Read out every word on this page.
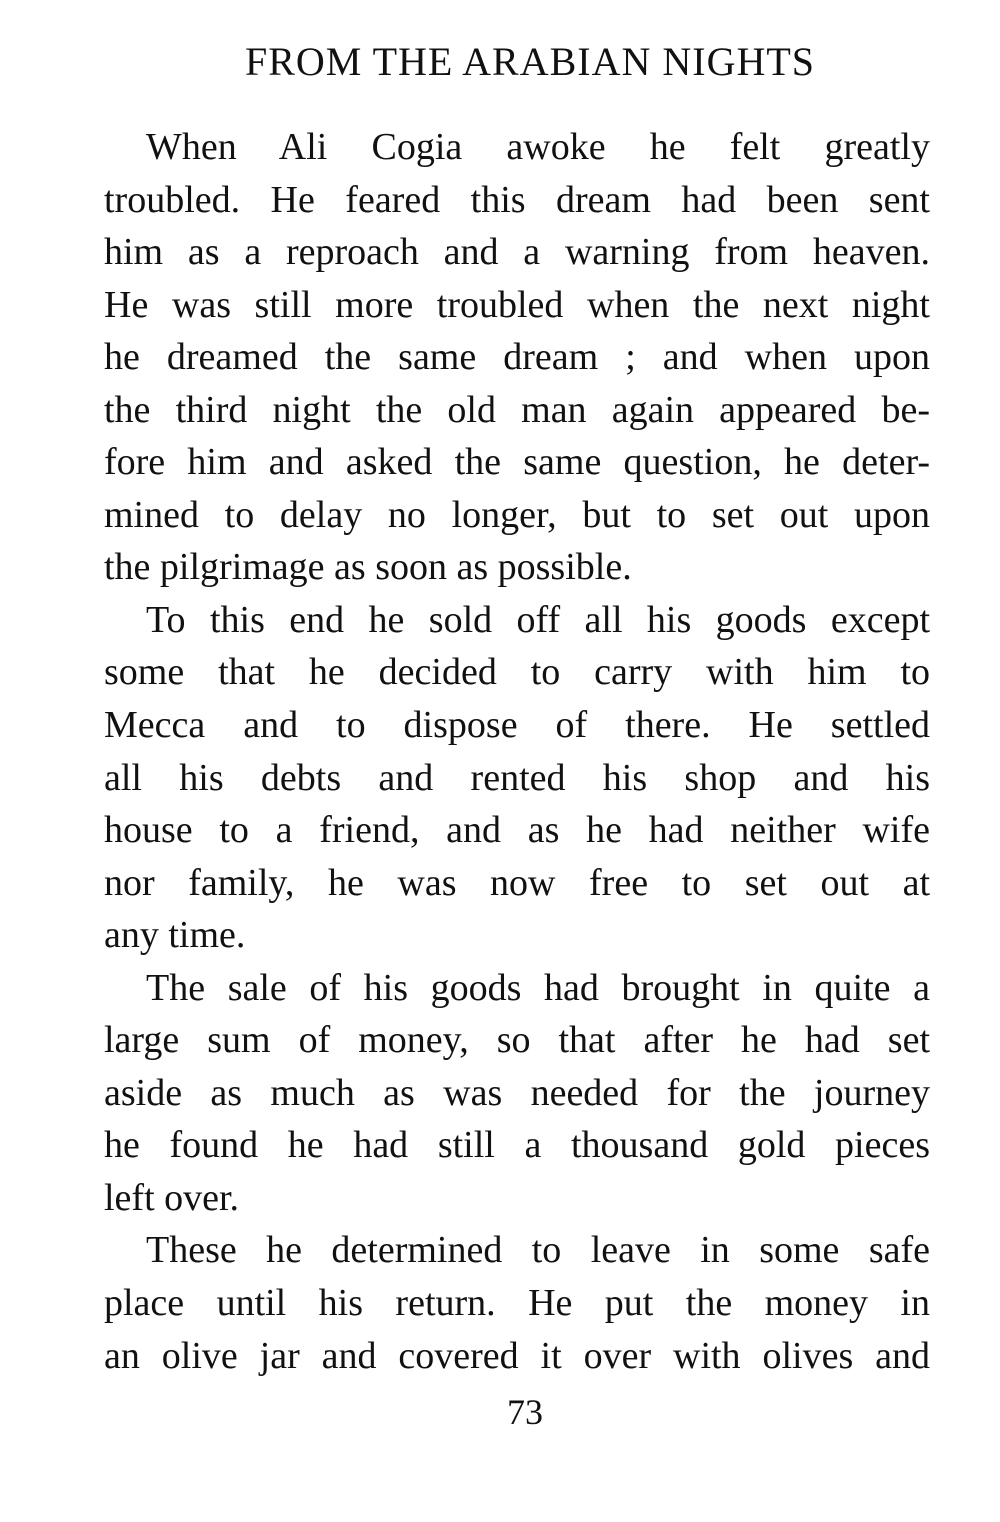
FROM THE ARABIAN NIGHTS
When Ali Cogia awoke he felt greatly
troubled. He feared this dream had been sent
him as a reproach and a warning from heaven.
He was still more troubled when the next night
he dreamed the same dream ; and when upon
the third night the old man again appeared be-
fore him and asked the same question, he deter-
mined to delay no longer, but to set out upon
the pilgrimage as soon as possible.
To this end he sold off all his goods except
some that he decided to carry with him to
Mecca and to dispose of there. He settled
all his debts and rented his shop and his
house to a friend, and as he had neither wife
nor family, he was now free to set out at
any time.
The sale of his goods had brought in quite a
large sum of money, so that after he had set
aside as much as was needed for the journey
he found he had still a thousand gold pieces
left over.
These he determined to leave in some safe
place until his return. He put the money in
an olive jar and covered it over with olives and
73
